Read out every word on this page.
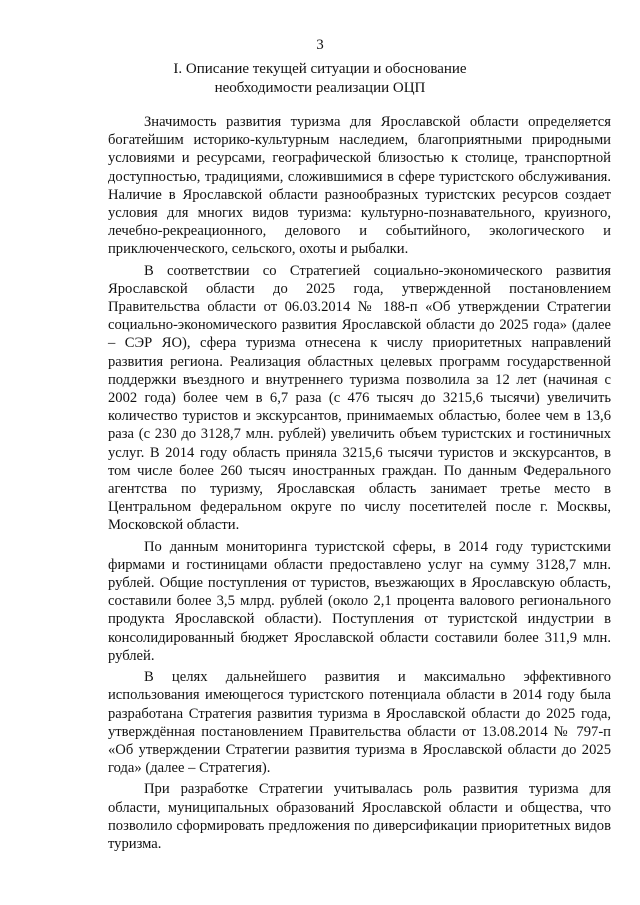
3
I. Описание текущей ситуации и обоснование
необходимости реализации ОЦП

Значимость развития туризма для Ярославской области определяется богатейшим историко-культурным наследием, благоприятными природными условиями и ресурсами, географической близостью к столице, транспортной доступностью, традициями, сложившимися в сфере туристского обслуживания. Наличие в Ярославской области разнообразных туристских ресурсов создает условия для многих видов туризма: культурно-познавательного, круизного, лечебно-рекреационного, делового и событийного, экологического и приключенческого, сельского, охоты и рыбалки.

В соответствии со Стратегией социально-экономического развития Ярославской области до 2025 года, утвержденной постановлением Правительства области от 06.03.2014 № 188-п «Об утверждении Стратегии социально-экономического развития Ярославской области до 2025 года» (далее – СЭР ЯО), сфера туризма отнесена к числу приоритетных направлений развития региона. Реализация областных целевых программ государственной поддержки въездного и внутреннего туризма позволила за 12 лет (начиная с 2002 года) более чем в 6,7 раза (с 476 тысяч до 3215,6 тысячи) увеличить количество туристов и экскурсантов, принимаемых областью, более чем в 13,6 раза (с 230 до 3128,7 млн. рублей) увеличить объем туристских и гостиничных услуг. В 2014 году область приняла 3215,6 тысячи туристов и экскурсантов, в том числе более 260 тысяч иностранных граждан. По данным Федерального агентства по туризму, Ярославская область занимает третье место в Центральном федеральном округе по числу посетителей после г. Москвы, Московской области.

По данным мониторинга туристской сферы, в 2014 году туристскими фирмами и гостиницами области предоставлено услуг на сумму 3128,7 млн. рублей. Общие поступления от туристов, въезжающих в Ярославскую область, составили более 3,5 млрд. рублей (около 2,1 процента валового регионального продукта Ярославской области). Поступления от туристской индустрии в консолидированный бюджет Ярославской области составили более 311,9 млн. рублей.

В целях дальнейшего развития и максимально эффективного использования имеющегося туристского потенциала области в 2014 году была разработана Стратегия развития туризма в Ярославской области до 2025 года, утверждённая постановлением Правительства области от 13.08.2014 № 797-п «Об утверждении Стратегии развития туризма в Ярославской области до 2025 года» (далее – Стратегия).

При разработке Стратегии учитывалась роль развития туризма для области, муниципальных образований Ярославской области и общества, что позволило сформировать предложения по диверсификации приоритетных видов туризма.
